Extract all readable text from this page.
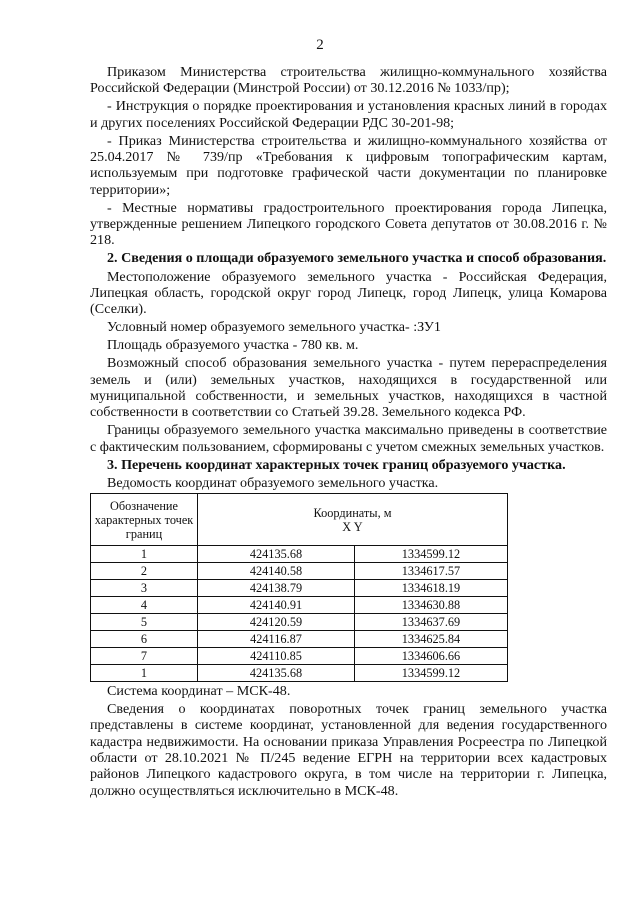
2

Приказом Министерства строительства жилищно-коммунального хозяйства Российской Федерации (Минстрой России) от 30.12.2016 № 1033/пр);

- Инструкция о порядке проектирования и установления красных линий в городах и других поселениях Российской Федерации РДС 30-201-98;

- Приказ Министерства строительства и жилищно-коммунального хозяйства от 25.04.2017 № 739/пр «Требования к цифровым топографическим картам, используемым при подготовке графической части документации по планировке территории»;

- Местные нормативы градостроительного проектирования города Липецка, утвержденные решением Липецкого городского Совета депутатов от 30.08.2016 г. № 218.

2. Сведения о площади образуемого земельного участка и способ образования.

Местоположение образуемого земельного участка - Российская Федерация, Липецкая область, городской округ город Липецк, город Липецк, улица Комарова (Сселки).

Условный номер образуемого земельного участка- :ЗУ1

Площадь образуемого участка - 780 кв. м.

Возможный способ образования земельного участка - путем перераспределения земель и (или) земельных участков, находящихся в государственной или муниципальной собственности, и земельных участков, находящихся в частной собственности в соответствии со Статьей 39.28. Земельного кодекса РФ.

Границы образуемого земельного участка максимально приведены в соответствие с фактическим пользованием, сформированы с учетом смежных земельных участков.

3. Перечень координат характерных точек границ образуемого участка.

Ведомость координат образуемого земельного участка.

Обозначение характерных точек границ	Координаты, м
X Y	

1	424135.68	1334599.12
2	424140.58	1334617.57
3	424138.79	1334618.19
4	424140.91	1334630.88
5	424120.59	1334637.69
6	424116.87	1334625.84
7	424110.85	1334606.66
1	424135.68	1334599.12

Система координат – МСК-48.

Сведения о координатах поворотных точек границ земельного участка представлены в системе координат, установленной для ведения государственного кадастра недвижимости. На основании приказа Управления Росреестра по Липецкой области от 28.10.2021 № П/245 ведение ЕГРН на территории всех кадастровых районов Липецкого кадастрового округа, в том числе на территории г. Липецка, должно осуществляться исключительно в МСК-48.
